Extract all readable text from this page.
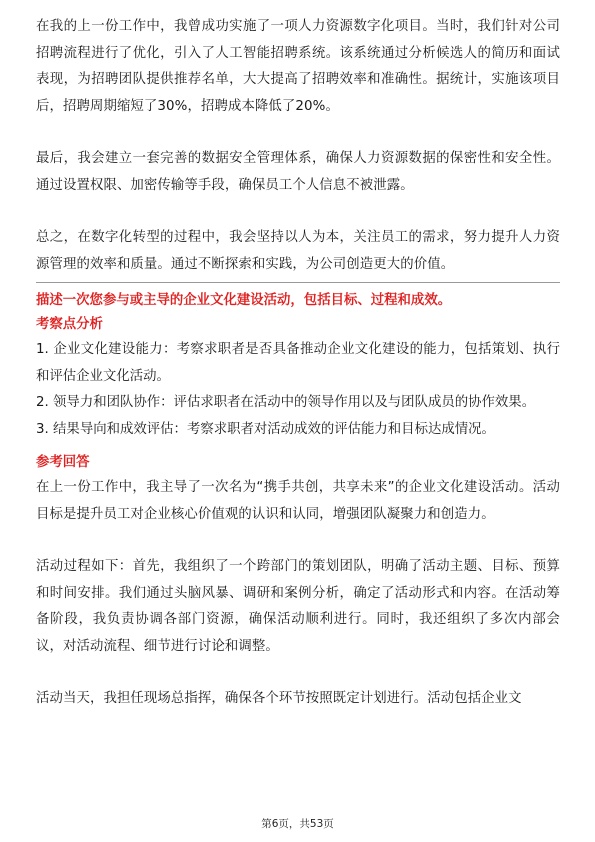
在我的上一份工作中，我曾成功实施了一项人力资源数字化项目。当时，我们针对公司招聘流程进行了优化，引入了人工智能招聘系统。该系统通过分析候选人的简历和面试表现，为招聘团队提供推荐名单，大大提高了招聘效率和准确性。据统计，实施该项目后，招聘周期缩短了30%，招聘成本降低了20%。

最后，我会建立一套完善的数据安全管理体系，确保人力资源数据的保密性和安全性。通过设置权限、加密传输等手段，确保员工个人信息不被泄露。

总之，在数字化转型的过程中，我会坚持以人为本，关注员工的需求，努力提升人力资源管理的效率和质量。通过不断探索和实践，为公司创造更大的价值。

描述一次您参与或主导的企业文化建设活动，包括目标、过程和成效。

考察点分析

1. 企业文化建设能力：考察求职者是否具备推动企业文化建设的能力，包括策划、执行和评估企业文化活动。

2. 领导力和团队协作：评估求职者在活动中的领导作用以及与团队成员的协作效果。

3. 结果导向和成效评估：考察求职者对活动成效的评估能力和目标达成情况。

参考回答

在上一份工作中，我主导了一次名为“携手共创，共享未来”的企业文化建设活动。活动目标是提升员工对企业核心价值观的认识和认同，增强团队凝聚力和创造力。

活动过程如下：首先，我组织了一个跨部门的策划团队，明确了活动主题、目标、预算和时间安排。我们通过头脑风暴、调研和案例分析，确定了活动形式和内容。在活动筹备阶段，我负责协调各部门资源，确保活动顺利进行。同时，我还组织了多次内部会议，对活动流程、细节进行讨论和调整。

活动当天，我担任现场总指挥，确保各个环节按照既定计划进行。活动包括企业文

第6页，共53页
